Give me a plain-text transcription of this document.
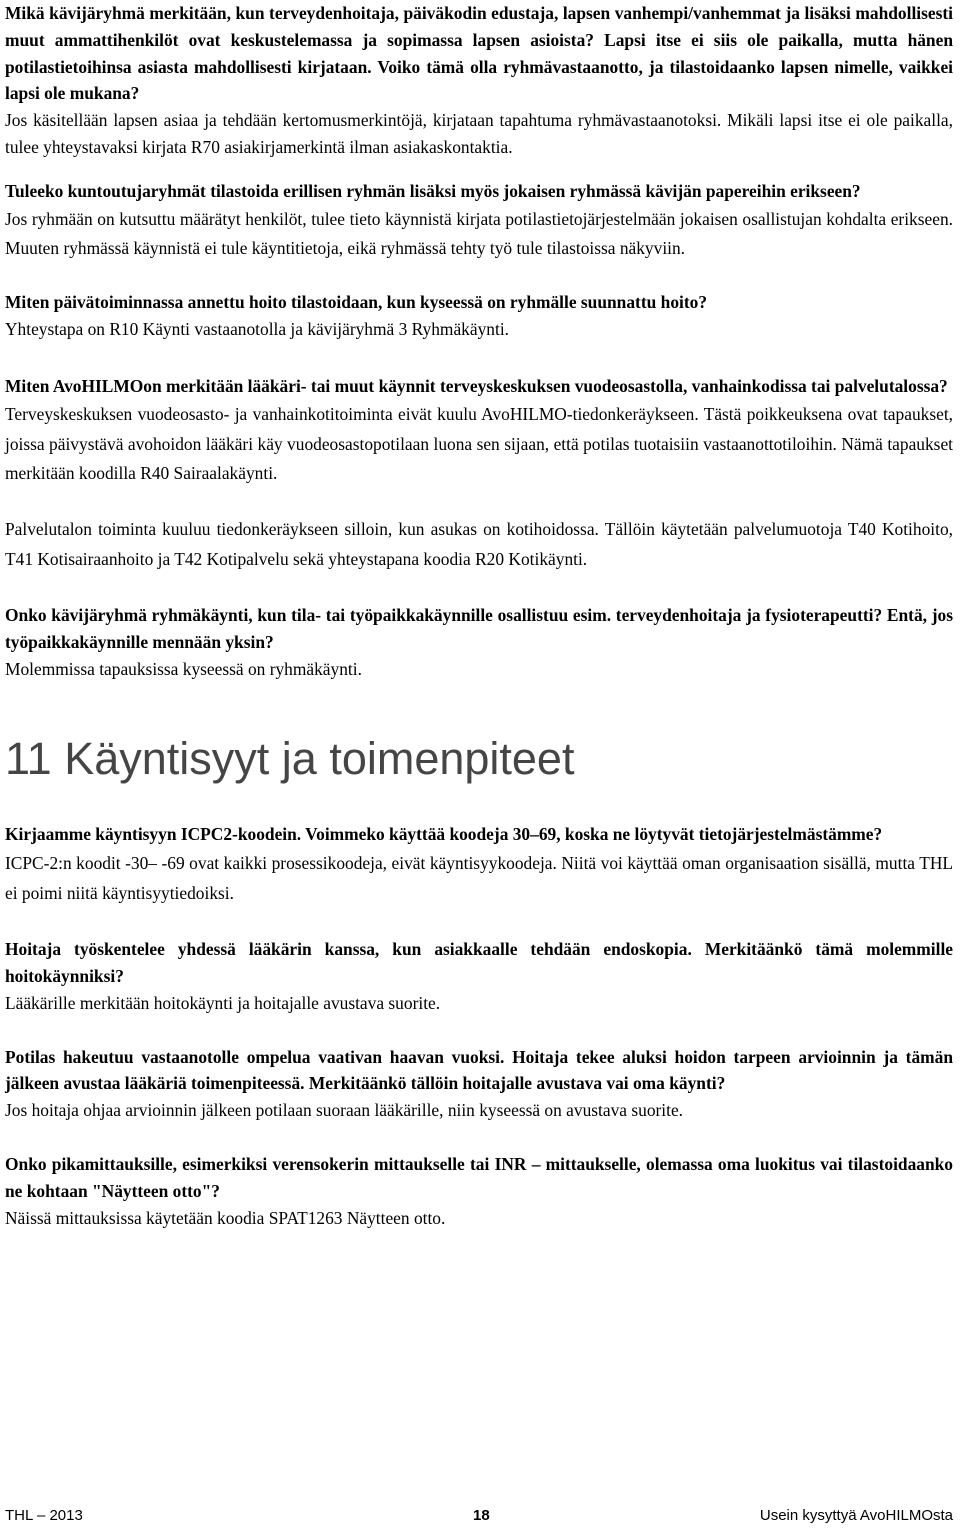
Mikä kävijäryhmä merkitään, kun terveydenhoitaja, päiväkodin edustaja, lapsen vanhempi/vanhemmat ja lisäksi mahdollisesti muut ammattihenkilöt ovat keskustelemassa ja sopimassa lapsen asioista? Lapsi itse ei siis ole paikalla, mutta hänen potilastietoihinsa asiasta mahdollisesti kirjataan. Voiko tämä olla ryhmävastaanotto, ja tilastoidaanko lapsen nimelle, vaikkei lapsi ole mukana?

Jos käsitellään lapsen asiaa ja tehdään kertomusmerkintöjä, kirjataan tapahtuma ryhmävastaanotoksi. Mikäli lapsi itse ei ole paikalla, tulee yhteystavaksi kirjata R70 asiakirjamerkintä ilman asiakaskontaktia.

Tuleeko kuntoutujaryhmät tilastoida erillisen ryhmän lisäksi myös jokaisen ryhmässä kävijän papereihin erikseen?

Jos ryhmään on kutsuttu määrätyt henkilöt, tulee tieto käynnistä kirjata potilastietojärjestelmään jokaisen osallistujan kohdalta erikseen. Muuten ryhmässä käynnistä ei tule käyntitietoja, eikä ryhmässä tehty työ tule tilastoissa näkyviin.

Miten päivätoiminnassa annettu hoito tilastoidaan, kun kyseessä on ryhmälle suunnattu hoito?

Yhteystapa on R10 Käynti vastaanotolla ja kävijäryhmä 3 Ryhmäkäynti.

Miten AvoHILMOon merkitään lääkäri- tai muut käynnit terveyskeskuksen vuodeosastolla, vanhainkodissa tai palvelutalossa?

Terveyskeskuksen vuodeosasto- ja vanhainkotitoiminta eivät kuulu AvoHILMO-tiedonkeräykseen. Tästä poikkeuksena ovat tapaukset, joissa päivystävä avohoidon lääkäri käy vuodeosastopotilaan luona sen sijaan, että potilas tuotaisiin vastaanottotiloihin. Nämä tapaukset merkitään koodilla R40 Sairaalakäynti.

Palvelutalon toiminta kuuluu tiedonkeräykseen silloin, kun asukas on kotihoidossa. Tällöin käytetään palvelumuotoja T40 Kotihoito, T41 Kotisairaanhoito ja T42 Kotipalvelu sekä yhteystapana koodia R20 Kotikäynti.

Onko kävijäryhmä ryhmäkäynti, kun tila- tai työpaikkakäynnille osallistuu esim. terveydenhoitaja ja fysioterapeutti? Entä, jos työpaikkakäynnille mennään yksin?

Molemmissa tapauksissa kyseessä on ryhmäkäynti.

11 Käyntisyyt ja toimenpiteet

Kirjaamme käyntisyyn ICPC2-koodein. Voimmeko käyttää koodeja 30–69, koska ne löytyvät tietojärjestelmästämme?

ICPC-2:n koodit -30– -69 ovat kaikki prosessikoodeja, eivät käyntisyykoodeja. Niitä voi käyttää oman organisaation sisällä, mutta THL ei poimi niitä käyntisyytiedoiksi.

Hoitaja työskentelee yhdessä lääkärin kanssa, kun asiakkaalle tehdään endoskopia. Merkitäänkö tämä molemmille hoitokäynniksi?

Lääkärille merkitään hoitokäynti ja hoitajalle avustava suorite.

Potilas hakeutuu vastaanotolle ompelua vaativan haavan vuoksi. Hoitaja tekee aluksi hoidon tarpeen arvioinnin ja tämän jälkeen avustaa lääkäriä toimenpiteessä. Merkitäänkö tällöin hoitajalle avustava vai oma käynti?

Jos hoitaja ohjaa arvioinnin jälkeen potilaan suoraan lääkärille, niin kyseessä on avustava suorite.

Onko pikamittauksille, esimerkiksi verensokerin mittaukselle tai INR – mittaukselle, olemassa oma luokitus vai tilastoidaanko ne kohtaan "Näytteen otto"?

Näissä mittauksissa käytetään koodia SPAT1263 Näytteen otto.

THL – 2013	18	Usein kysyttyä AvoHILMOsta
